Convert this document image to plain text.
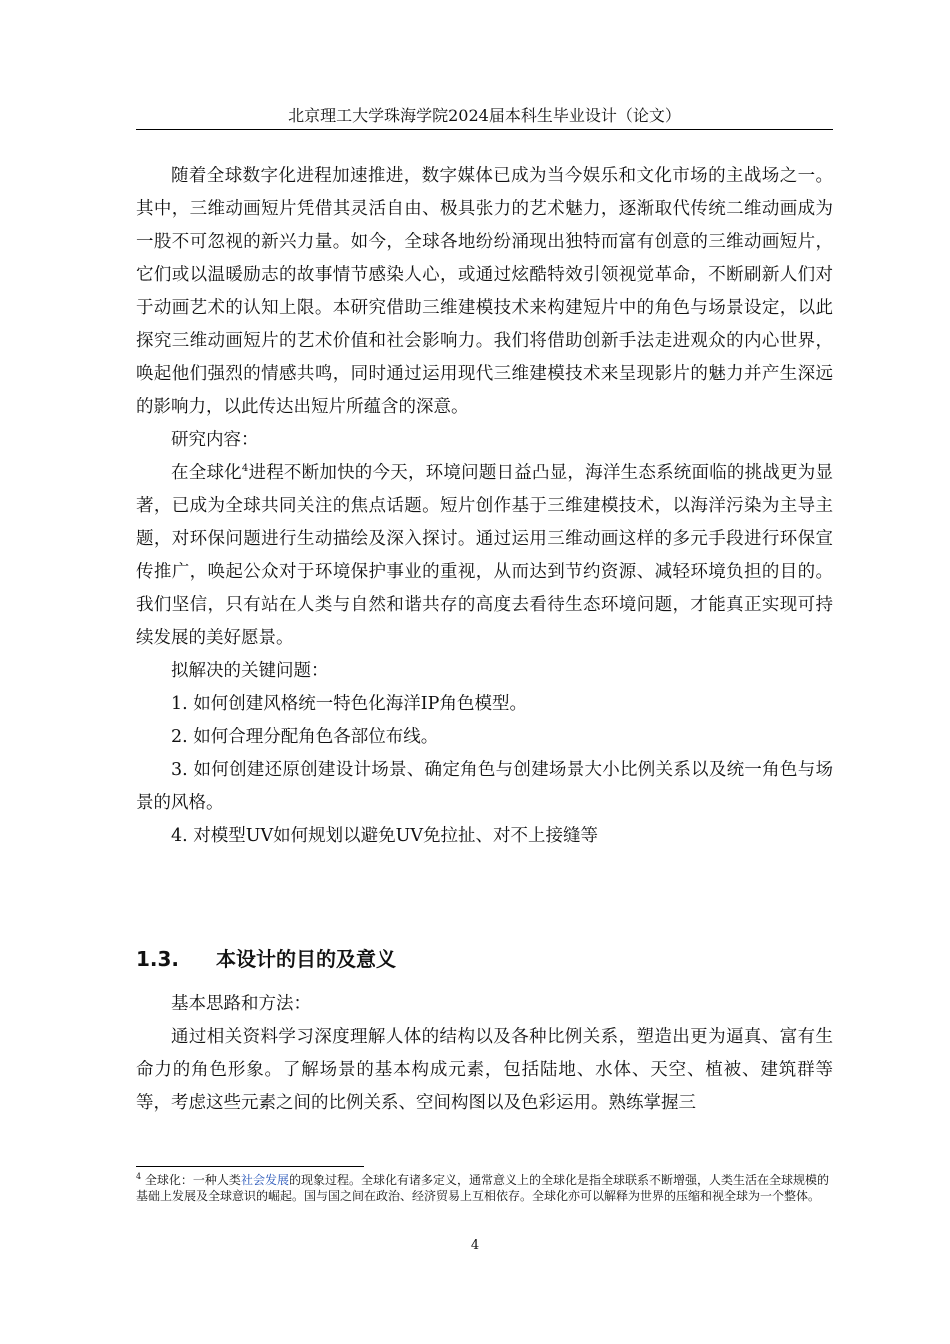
北京理工大学珠海学院2024届本科生毕业设计（论文）

随着全球数字化进程加速推进，数字媒体已成为当今娱乐和文化市场的主战场之一。其中，三维动画短片凭借其灵活自由、极具张力的艺术魅力，逐渐取代传统二维动画成为一股不可忽视的新兴力量。如今，全球各地纷纷涌现出独特而富有创意的三维动画短片，它们或以温暖励志的故事情节感染人心，或通过炫酷特效引领视觉革命，不断刷新人们对于动画艺术的认知上限。本研究借助三维建模技术来构建短片中的角色与场景设定，以此探究三维动画短片的艺术价值和社会影响力。我们将借助创新手法走进观众的内心世界，唤起他们强烈的情感共鸣，同时通过运用现代三维建模技术来呈现影片的魅力并产生深远的影响力，以此传达出短片所蕴含的深意。

研究内容：

在全球化$^4$进程不断加快的今天，环境问题日益凸显，海洋生态系统面临的挑战更为显著，已成为全球共同关注的焦点话题。短片创作基于三维建模技术，以海洋污染为主导主题，对环保问题进行生动描绘及深入探讨。通过运用三维动画这样的多元手段进行环保宣传推广，唤起公众对于环境保护事业的重视，从而达到节约资源、减轻环境负担的目的。我们坚信，只有站在人类与自然和谐共存的高度去看待生态环境问题，才能真正实现可持续发展的美好愿景。

拟解决的关键问题：

1. 如何创建风格统一特色化海洋IP角色模型。

2. 如何合理分配角色各部位布线。

3. 如何创建还原创建设计场景、确定角色与创建场景大小比例关系以及统一角色与场景的风格。

4. 对模型UV如何规划以避免UV免拉扯、对不上接缝等

1.3. 本设计的目的及意义

基本思路和方法：

通过相关资料学习深度理解人体的结构以及各种比例关系，塑造出更为逼真、富有生命力的角色形象。了解场景的基本构成元素，包括陆地、水体、天空、植被、建筑群等等，考虑这些元素之间的比例关系、空间构图以及色彩运用。熟练掌握三

$^4$ 全球化：一种人类社会发展的现象过程。全球化有诸多定义，通常意义上的全球化是指全球联系不断增强，人类生活在全球规模的基础上发展及全球意识的崛起。国与国之间在政治、经济贸易上互相依存。全球化亦可以解释为世界的压缩和视全球为一个整体。
4
